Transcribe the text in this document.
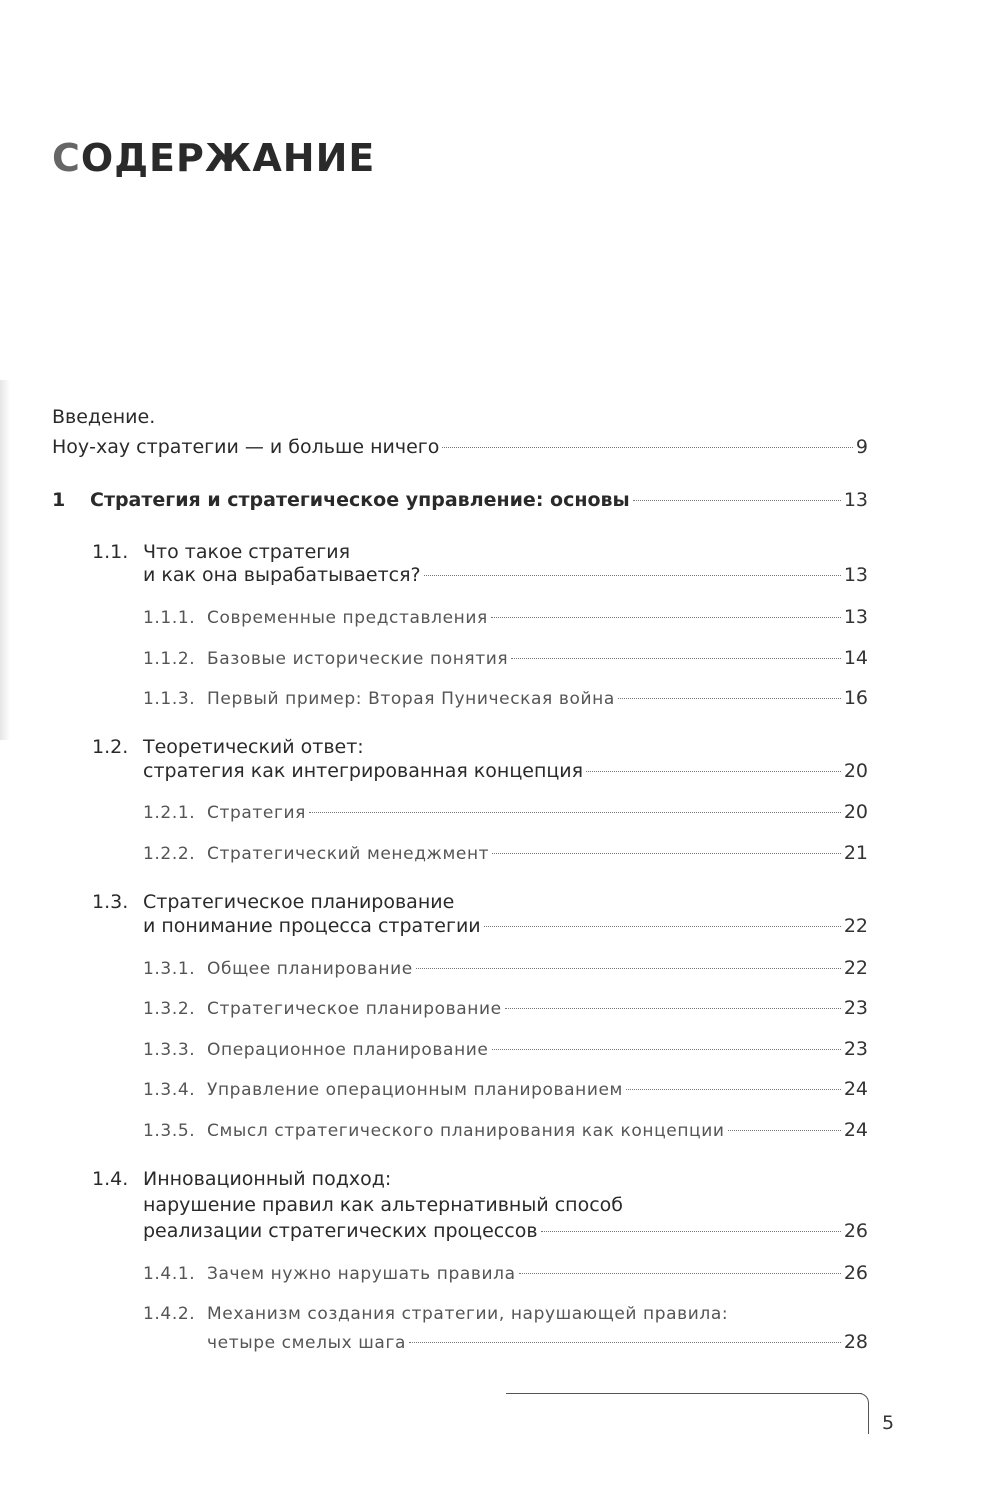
СОДЕРЖАНИЕ
Введение.
Ноу-хау стратегии — и больше ничего	9
1	Стратегия и стратегическое управление: основы	13
1.1. Что такое стратегия
и как она вырабатывается?	13
1.1.1. Современные представления	13
1.1.2. Базовые исторические понятия	14
1.1.3. Первый пример: Вторая Пуническая война	16
1.2. Теоретический ответ:
стратегия как интегрированная концепция	20
1.2.1. Стратегия	20
1.2.2. Стратегический менеджмент	21
1.3. Стратегическое планирование
и понимание процесса стратегии	22
1.3.1. Общее планирование	22
1.3.2. Стратегическое планирование	23
1.3.3. Операционное планирование	23
1.3.4. Управление операционным планированием	24
1.3.5. Смысл стратегического планирования как концепции	24
1.4. Инновационный подход:
нарушение правил как альтернативный способ
реализации стратегических процессов	26
1.4.1. Зачем нужно нарушать правила	26
1.4.2. Механизм создания стратегии, нарушающей правила:
четыре смелых шага	28
5
